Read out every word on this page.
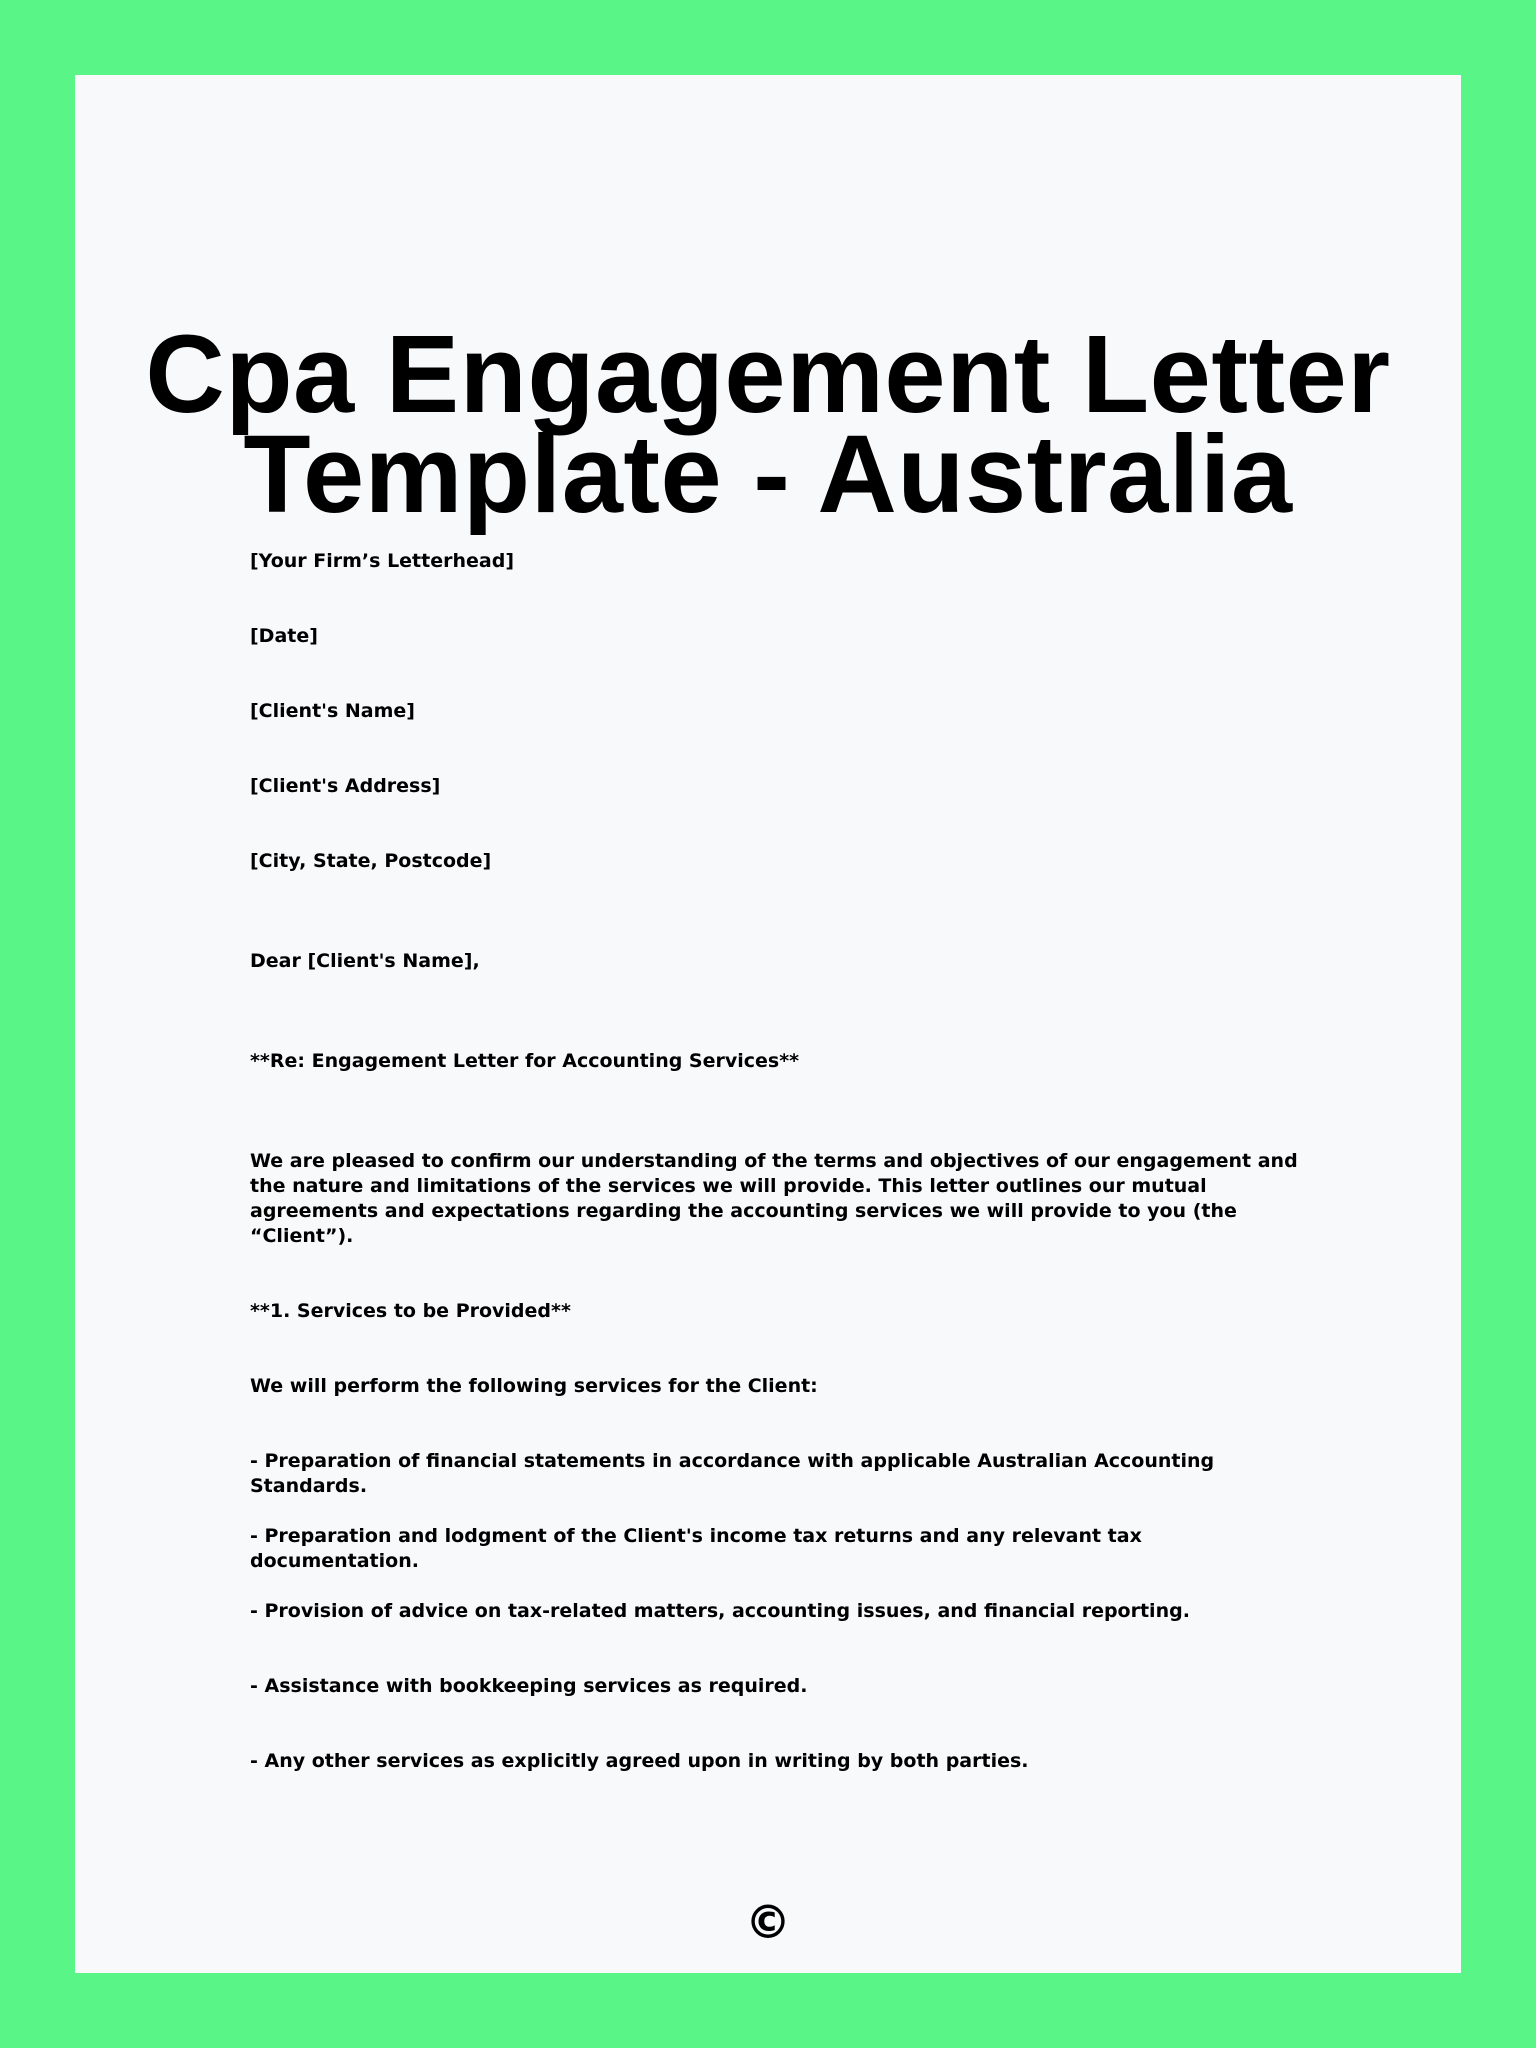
Cpa Engagement Letter
Template - Australia

[Your Firm’s Letterhead]

[Date]

[Client's Name]

[Client's Address]

[City, State, Postcode]

Dear [Client's Name],

**Re: Engagement Letter for Accounting Services**

We are pleased to confirm our understanding of the terms and objectives of our engagement and the nature and limitations of the services we will provide. This letter outlines our mutual agreements and expectations regarding the accounting services we will provide to you (the “Client”).

**1. Services to be Provided**

We will perform the following services for the Client:

- Preparation of financial statements in accordance with applicable Australian Accounting Standards.

- Preparation and lodgment of the Client's income tax returns and any relevant tax documentation.

- Provision of advice on tax-related matters, accounting issues, and financial reporting.

- Assistance with bookkeeping services as required.

- Any other services as explicitly agreed upon in writing by both parties.

©
